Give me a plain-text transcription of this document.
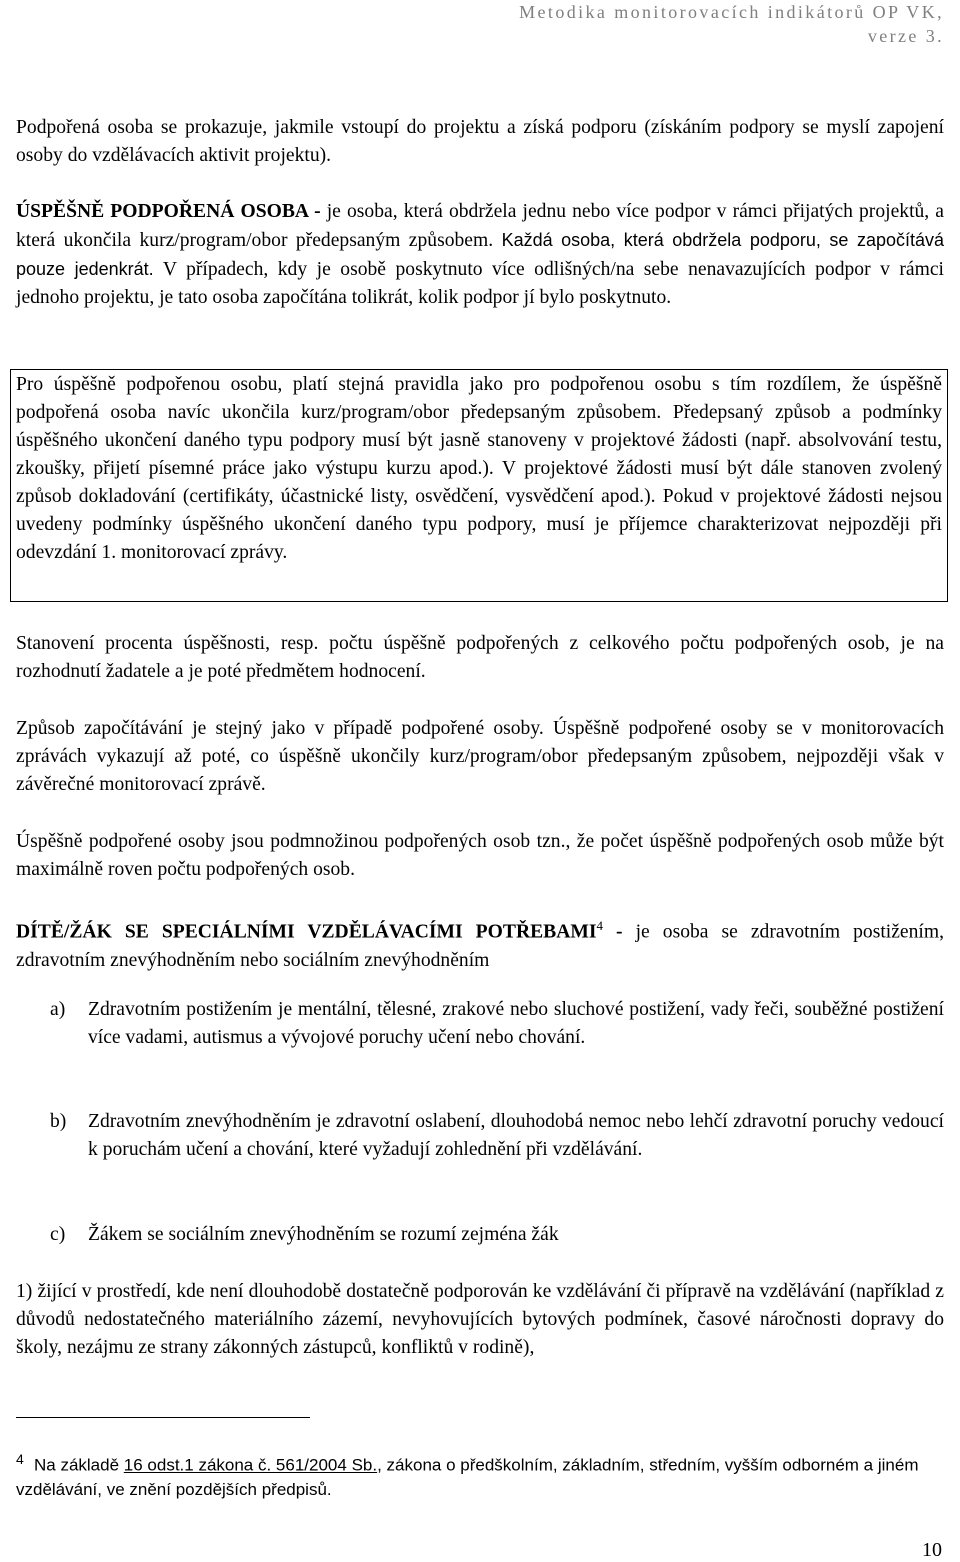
Metodika monitorovacích indikátorů OP VK,
verze 3.

Podpořená osoba se prokazuje, jakmile vstoupí do projektu a získá podporu (získáním podpory se myslí zapojení osoby do vzdělávacích aktivit projektu).

ÚSPĚŠNĚ PODPOŘENÁ OSOBA - je osoba, která obdržela jednu nebo více podpor v rámci přijatých projektů, a která ukončila kurz/program/obor předepsaným způsobem. Každá osoba, která obdržela podporu, se započítává pouze jedenkrát. V případech, kdy je osobě poskytnuto více odlišných/na sebe nenavazujících podpor v rámci jednoho projektu, je tato osoba započítána tolikrát, kolik podpor jí bylo poskytnuto.

Pro úspěšně podpořenou osobu, platí stejná pravidla jako pro podpořenou osobu s tím rozdílem, že úspěšně podpořená osoba navíc ukončila kurz/program/obor předepsaným způsobem. Předepsaný způsob a podmínky úspěšného ukončení daného typu podpory musí být jasně stanoveny v projektové žádosti (např. absolvování testu, zkoušky, přijetí písemné práce jako výstupu kurzu apod.). V projektové žádosti musí být dále stanoven zvolený způsob dokladování (certifikáty, účastnické listy, osvědčení, vysvědčení apod.). Pokud v projektové žádosti nejsou uvedeny podmínky úspěšného ukončení daného typu podpory, musí je příjemce charakterizovat nejpozději při odevzdání 1. monitorovací zprávy.

Stanovení procenta úspěšnosti, resp. počtu úspěšně podpořených z celkového počtu podpořených osob, je na rozhodnutí žadatele a je poté předmětem hodnocení.

Způsob započítávání je stejný jako v případě podpořené osoby. Úspěšně podpořené osoby se v monitorovacích zprávách vykazují až poté, co úspěšně ukončily kurz/program/obor předepsaným způsobem, nejpozději však v závěrečné monitorovací zprávě.

Úspěšně podpořené osoby jsou podmnožinou podpořených osob tzn., že počet úspěšně podpořených osob může být maximálně roven počtu podpořených osob.

DÍTĚ/ŽÁK SE SPECIÁLNÍMI VZDĚLÁVACÍMI POTŘEBAMI$^4$ - je osoba se zdravotním postižením, zdravotním znevýhodněním nebo sociálním znevýhodněním

a)	Zdravotním postižením je mentální, tělesné, zrakové nebo sluchové postižení, vady řeči, souběžné postižení více vadami, autismus a vývojové poruchy učení nebo chování.
b)	Zdravotním znevýhodněním je zdravotní oslabení, dlouhodobá nemoc nebo lehčí zdravotní poruchy vedoucí k poruchám učení a chování, které vyžadují zohlednění při vzdělávání.
c)	Žákem se sociálním znevýhodněním se rozumí zejména žák

1) žijící v prostředí, kde není dlouhodobě dostatečně podporován ke vzdělávání či přípravě na vzdělávání (například z důvodů nedostatečného materiálního zázemí, nevyhovujících bytových podmínek, časové náročnosti dopravy do školy, nezájmu ze strany zákonných zástupců, konfliktů v rodině),

4 Na základě 16 odst.1 zákona č. 561/2004 Sb., zákona o předškolním, základním, středním, vyšším odborném a jiném vzdělávání, ve znění pozdějších předpisů.
10
